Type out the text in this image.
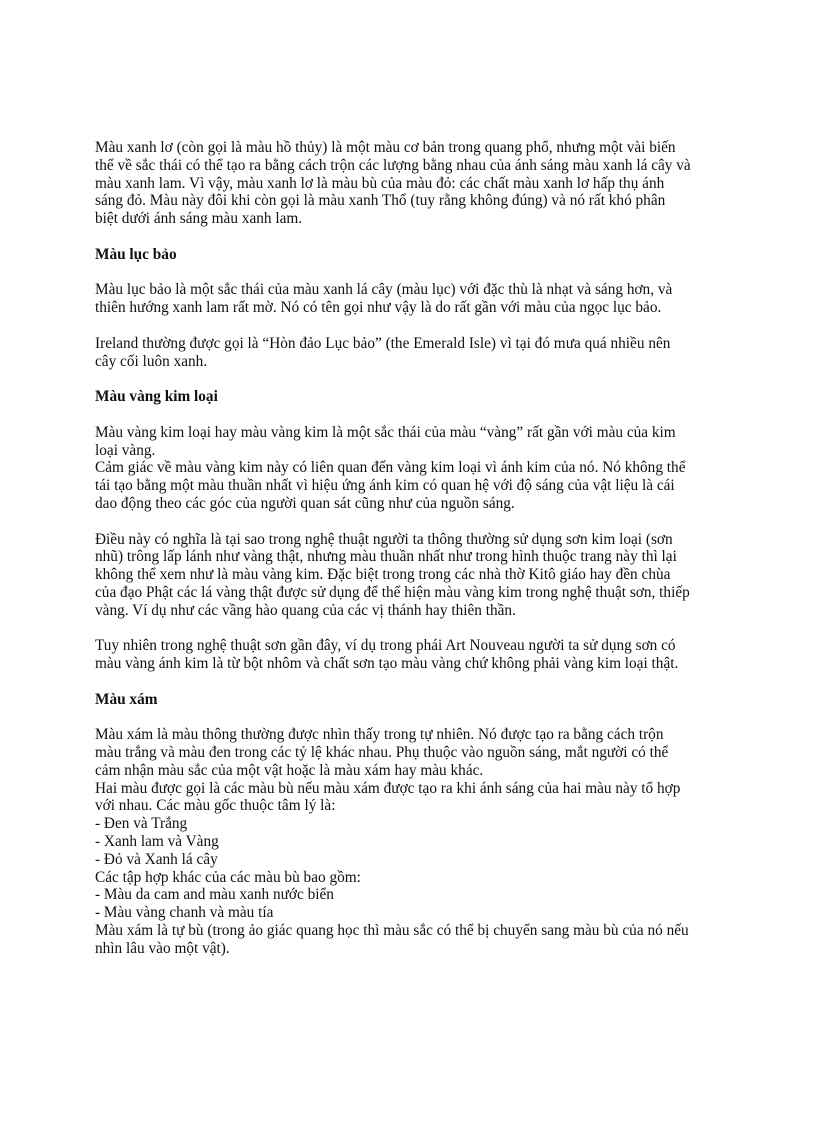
Màu xanh lơ (còn gọi là màu hồ thủy) là một màu cơ bản trong quang phổ, nhưng một vài biến
thể về sắc thái có thể tạo ra bằng cách trộn các lượng bằng nhau của ánh sáng màu xanh lá cây và
màu xanh lam. Vì vậy, màu xanh lơ là màu bù của màu đỏ: các chất màu xanh lơ hấp thụ ánh
sáng đỏ. Màu này đôi khi còn gọi là màu xanh Thổ (tuy rằng không đúng) và nó rất khó phân
biệt dưới ánh sáng màu xanh lam.
Màu lục bảo
Màu lục bảo là một sắc thái của màu xanh lá cây (màu lục) với đặc thù là nhạt và sáng hơn, và
thiên hướng xanh lam rất mờ. Nó có tên gọi như vậy là do rất gần với màu của ngọc lục bảo.
Ireland thường được gọi là “Hòn đảo Lục bảo” (the Emerald Isle) vì tại đó mưa quá nhiều nên
cây cối luôn xanh.
Màu vàng kim loại
Màu vàng kim loại hay màu vàng kim là một sắc thái của màu “vàng” rất gần với màu của kim
loại vàng.
Cảm giác về màu vàng kim này có liên quan đến vàng kim loại vì ánh kim của nó. Nó không thể
tái tạo bằng một màu thuần nhất vì hiệu ứng ánh kim có quan hệ với độ sáng của vật liệu là cái
dao động theo các góc của người quan sát cũng như của nguồn sáng.
Điều này có nghĩa là tại sao trong nghệ thuật người ta thông thường sử dụng sơn kim loại (sơn
nhũ) trông lấp lánh như vàng thật, nhưng màu thuần nhất như trong hình thuộc trang này thì lại
không thể xem như là màu vàng kim. Đặc biệt trong trong các nhà thờ Kitô giáo hay đền chùa
của đạo Phật các lá vàng thật được sử dụng để thể hiện màu vàng kim trong nghệ thuật sơn, thiếp
vàng. Ví dụ như các vầng hào quang của các vị thánh hay thiên thần.
Tuy nhiên trong nghệ thuật sơn gần đây, ví dụ trong phái Art Nouveau người ta sử dụng sơn có
màu vàng ánh kim là từ bột nhôm và chất sơn tạo màu vàng chứ không phải vàng kim loại thật.
Màu xám
Màu xám là màu thông thường được nhìn thấy trong tự nhiên. Nó được tạo ra bằng cách trộn
màu trắng và màu đen trong các tỷ lệ khác nhau. Phụ thuộc vào nguồn sáng, mắt người có thể
cảm nhận màu sắc của một vật hoặc là màu xám hay màu khác.
Hai màu được gọi là các màu bù nếu màu xám được tạo ra khi ánh sáng của hai màu này tổ hợp
với nhau. Các màu gốc thuộc tâm lý là:
- Đen và Trắng
- Xanh lam và Vàng
- Đỏ và Xanh lá cây
Các tập hợp khác của các màu bù bao gồm:
- Màu da cam and màu xanh nước biển
- Màu vàng chanh và màu tía
Màu xám là tự bù (trong ảo giác quang học thì màu sắc có thể bị chuyển sang màu bù của nó nếu
nhìn lâu vào một vật).
